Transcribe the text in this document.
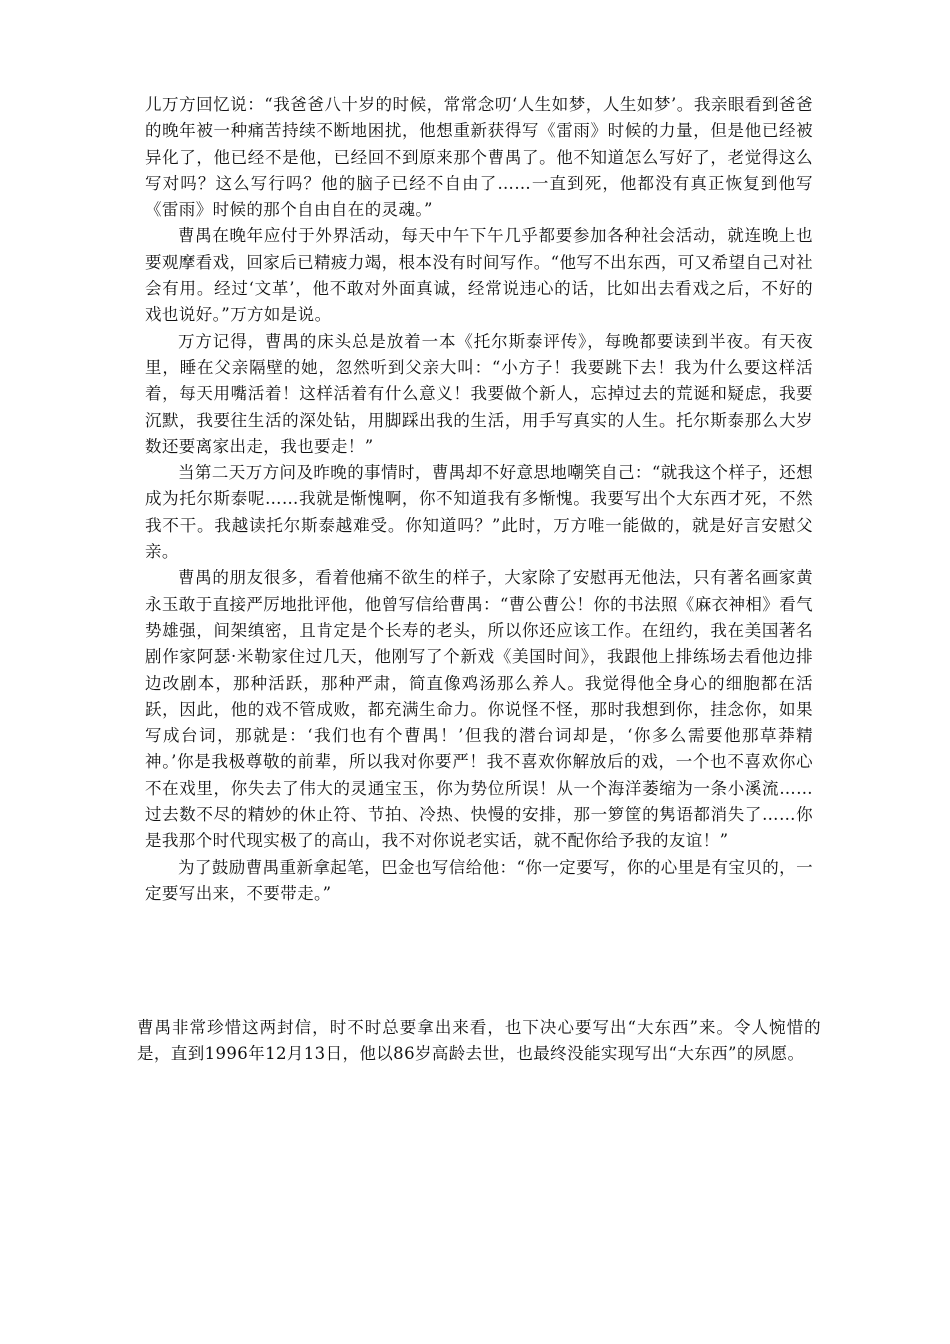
儿万方回忆说：“我爸爸八十岁的时候，常常念叨‘人生如梦，人生如梦’。我亲眼看到爸爸的晚年被一种痛苦持续不断地困扰，他想重新获得写《雷雨》时候的力量，但是他已经被异化了，他已经不是他，已经回不到原来那个曹禺了。他不知道怎么写好了，老觉得这么写对吗？这么写行吗？他的脑子已经不自由了……一直到死，他都没有真正恢复到他写《雷雨》时候的那个自由自在的灵魂。”

曹禺在晚年应付于外界活动，每天中午下午几乎都要参加各种社会活动，就连晚上也要观摩看戏，回家后已精疲力竭，根本没有时间写作。“他写不出东西，可又希望自己对社会有用。经过‘文革’，他不敢对外面真诚，经常说违心的话，比如出去看戏之后，不好的戏也说好。”万方如是说。

万方记得，曹禺的床头总是放着一本《托尔斯泰评传》，每晚都要读到半夜。有天夜里，睡在父亲隔壁的她，忽然听到父亲大叫：“小方子！我要跳下去！我为什么要这样活着，每天用嘴活着！这样活着有什么意义！我要做个新人，忘掉过去的荒诞和疑虑，我要沉默，我要往生活的深处钻，用脚踩出我的生活，用手写真实的人生。托尔斯泰那么大岁数还要离家出走，我也要走！”

当第二天万方问及昨晚的事情时，曹禺却不好意思地嘲笑自己：“就我这个样子，还想成为托尔斯泰呢……我就是惭愧啊，你不知道我有多惭愧。我要写出个大东西才死，不然我不干。我越读托尔斯泰越难受。你知道吗？”此时，万方唯一能做的，就是好言安慰父亲。

曹禺的朋友很多，看着他痛不欲生的样子，大家除了安慰再无他法，只有著名画家黄永玉敢于直接严厉地批评他，他曾写信给曹禺：“曹公曹公！你的书法照《麻衣神相》看气势雄强，间架缜密，且肯定是个长寿的老头，所以你还应该工作。在纽约，我在美国著名剧作家阿瑟·米勒家住过几天，他刚写了个新戏《美国时间》，我跟他上排练场去看他边排边改剧本，那种活跃，那种严肃，简直像鸡汤那么养人。我觉得他全身心的细胞都在活跃，因此，他的戏不管成败，都充满生命力。你说怪不怪，那时我想到你，挂念你，如果写成台词，那就是：‘我们也有个曹禺！’但我的潜台词却是，‘你多么需要他那草莽精神。’你是我极尊敬的前辈，所以我对你要严！我不喜欢你解放后的戏，一个也不喜欢你心不在戏里，你失去了伟大的灵通宝玉，你为势位所误！从一个海洋萎缩为一条小溪流……过去数不尽的精妙的休止符、节拍、冷热、快慢的安排，那一箩筐的隽语都消失了……你是我那个时代现实极了的高山，我不对你说老实话，就不配你给予我的友谊！”

为了鼓励曹禺重新拿起笔，巴金也写信给他：“你一定要写，你的心里是有宝贝的，一定要写出来，不要带走。”

曹禺非常珍惜这两封信，时不时总要拿出来看，也下决心要写出“大东西”来。令人惋惜的是，直到1996年12月13日，他以86岁高龄去世，也最终没能实现写出“大东西”的夙愿。
